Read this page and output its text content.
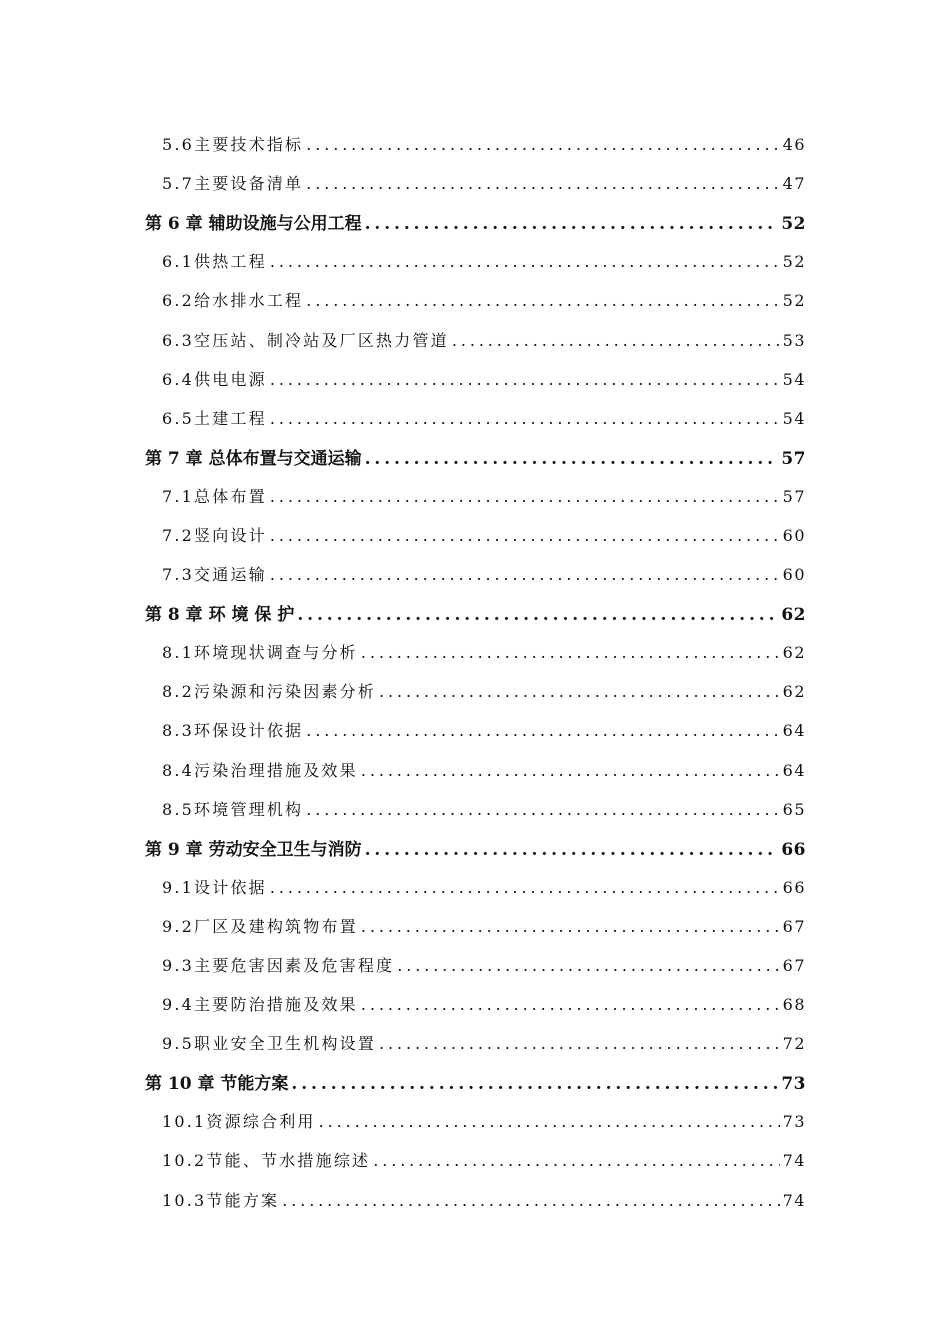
5.6主要技术指标 .....	46
5.7主要设备清单 .....	47
第 6 章 辅助设施与公用工程 .....	52
6.1供热工程 .....	52
6.2给水排水工程 .....	52
6.3空压站、制冷站及厂区热力管道 .....	53
6.4供电电源 .....	54
6.5土建工程 .....	54
第 7 章 总体布置与交通运输 .....	57
7.1总体布置 .....	57
7.2竖向设计 .....	60
7.3交通运输 .....	60
第 8 章 环 境 保 护 .....	62
8.1环境现状调查与分析 .....	62
8.2污染源和污染因素分析 .....	62
8.3环保设计依据 .....	64
8.4污染治理措施及效果 .....	64
8.5环境管理机构 .....	65
第 9 章 劳动安全卫生与消防 .....	66
9.1设计依据 .....	66
9.2厂区及建构筑物布置 .....	67
9.3主要危害因素及危害程度 .....	67
9.4主要防治措施及效果 .....	68
9.5职业安全卫生机构设置 .....	72
第 10 章 节能方案 .....	73
10.1资源综合利用 .....	73
10.2节能、节水措施综述 .....	74
10.3节能方案 .....	74
